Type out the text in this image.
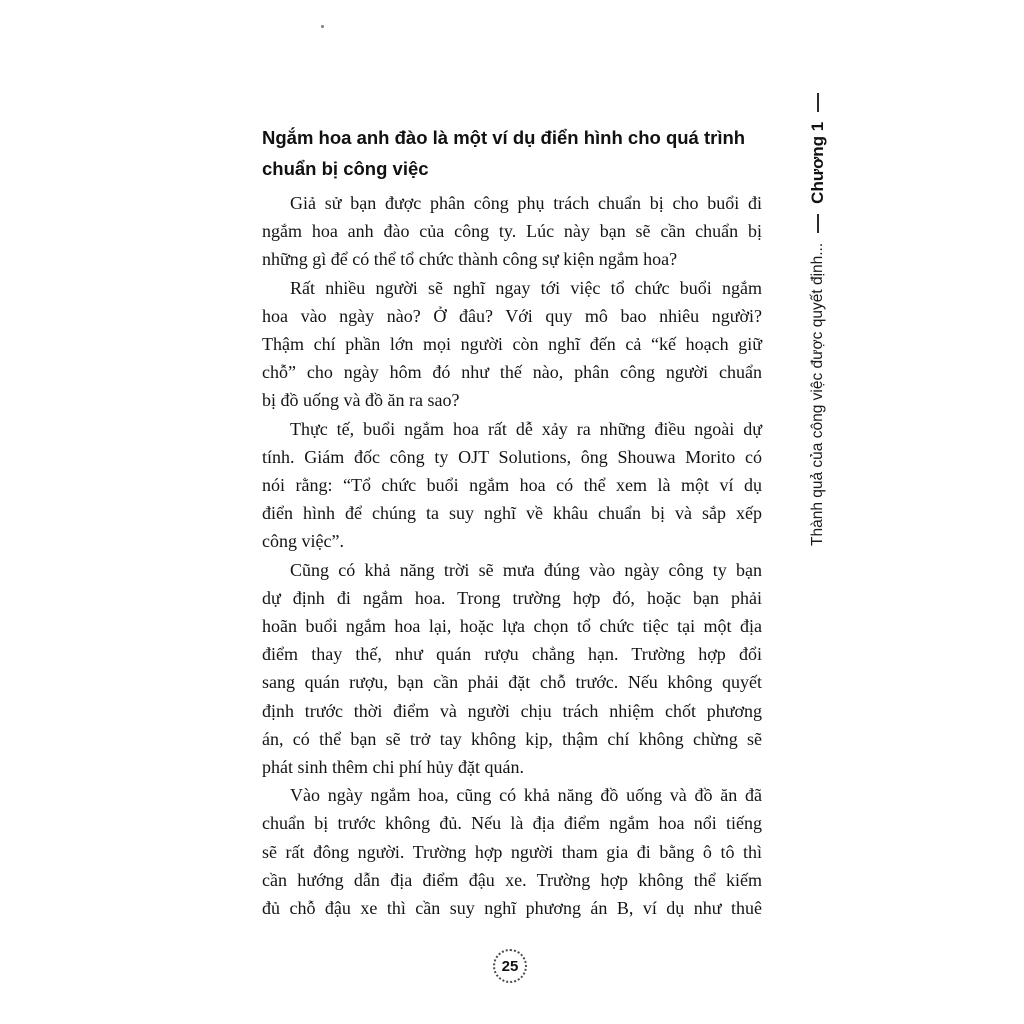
Ngắm hoa anh đào là một ví dụ điển hình cho quá trình
chuẩn bị công việc
Giả sử bạn được phân công phụ trách chuẩn bị cho buổi đi
ngắm hoa anh đào của công ty. Lúc này bạn sẽ cần chuẩn bị
những gì để có thể tổ chức thành công sự kiện ngắm hoa?
Rất nhiều người sẽ nghĩ ngay tới việc tổ chức buổi ngắm
hoa vào ngày nào? Ở đâu? Với quy mô bao nhiêu người?
Thậm chí phần lớn mọi người còn nghĩ đến cả “kế hoạch giữ
chỗ” cho ngày hôm đó như thế nào, phân công người chuẩn
bị đồ uống và đồ ăn ra sao?
Thực tế, buổi ngắm hoa rất dễ xảy ra những điều ngoài dự
tính. Giám đốc công ty OJT Solutions, ông Shouwa Morito có
nói rằng: “Tổ chức buổi ngắm hoa có thể xem là một ví dụ
điển hình để chúng ta suy nghĩ về khâu chuẩn bị và sắp xếp
công việc”.
Cũng có khả năng trời sẽ mưa đúng vào ngày công ty bạn
dự định đi ngắm hoa. Trong trường hợp đó, hoặc bạn phải
hoãn buổi ngắm hoa lại, hoặc lựa chọn tổ chức tiệc tại một địa
điểm thay thế, như quán rượu chẳng hạn. Trường hợp đổi
sang quán rượu, bạn cần phải đặt chỗ trước. Nếu không quyết
định trước thời điểm và người chịu trách nhiệm chốt phương
án, có thể bạn sẽ trở tay không kịp, thậm chí không chừng sẽ
phát sinh thêm chi phí hủy đặt quán.
Vào ngày ngắm hoa, cũng có khả năng đồ uống và đồ ăn đã
chuẩn bị trước không đủ. Nếu là địa điểm ngắm hoa nổi tiếng
sẽ rất đông người. Trường hợp người tham gia đi bằng ô tô thì
cần hướng dẫn địa điểm đậu xe. Trường hợp không thể kiếm
đủ chỗ đậu xe thì cần suy nghĩ phương án B, ví dụ như thuê
Thành quả của công việc được quyết định...
Chương 1
25
